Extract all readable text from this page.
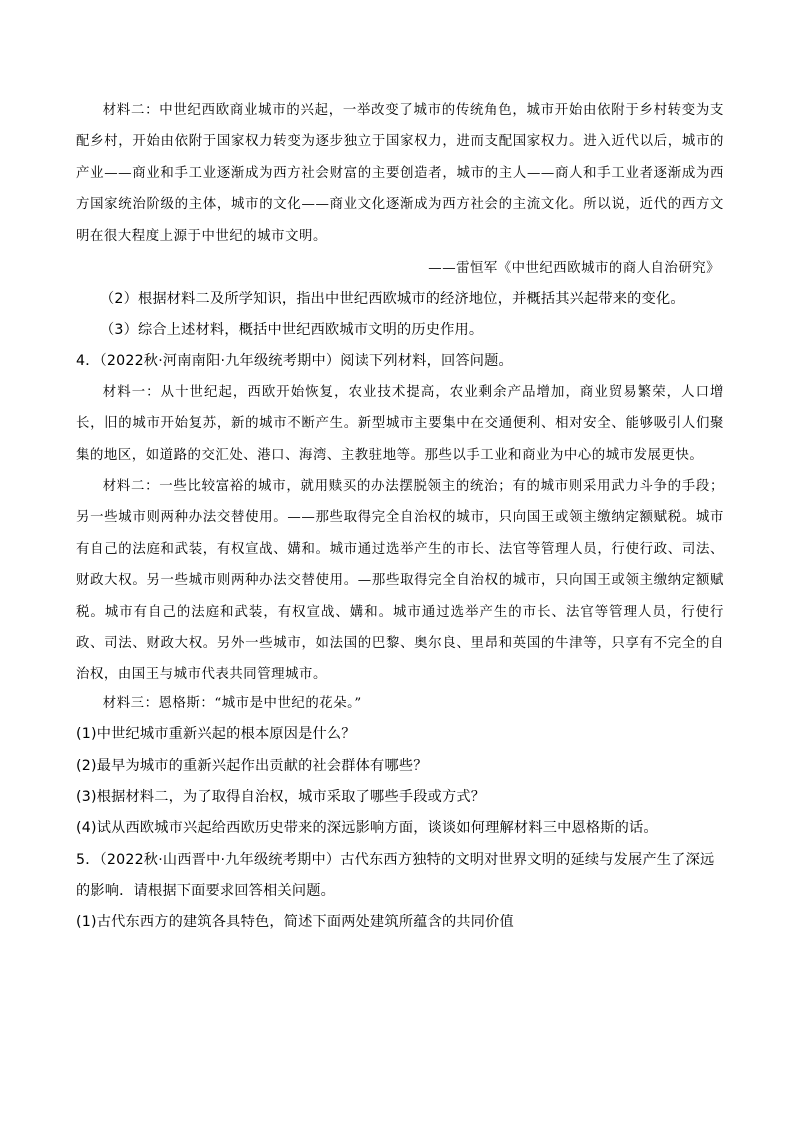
材料二：中世纪西欧商业城市的兴起，一举改变了城市的传统角色，城市开始由依附于乡村转变为支配乡村，开始由依附于国家权力转变为逐步独立于国家权力，进而支配国家权力。进入近代以后，城市的产业——商业和手工业逐渐成为西方社会财富的主要创造者，城市的主人——商人和手工业者逐渐成为西方国家统治阶级的主体，城市的文化——商业文化逐渐成为西方社会的主流文化。所以说，近代的西方文明在很大程度上源于中世纪的城市文明。

——雷恒军《中世纪西欧城市的商人自治研究》

（2）根据材料二及所学知识，指出中世纪西欧城市的经济地位，并概括其兴起带来的变化。

（3）综合上述材料，概括中世纪西欧城市文明的历史作用。

4．（2022秋·河南南阳·九年级统考期中）阅读下列材料，回答问题。

材料一：从十世纪起，西欧开始恢复，农业技术提高，农业剩余产品增加，商业贸易繁荣，人口增长，旧的城市开始复苏，新的城市不断产生。新型城市主要集中在交通便利、相对安全、能够吸引人们聚集的地区，如道路的交汇处、港口、海湾、主教驻地等。那些以手工业和商业为中心的城市发展更快。

材料二：一些比较富裕的城市，就用赎买的办法摆脱领主的统治；有的城市则采用武力斗争的手段；另一些城市则两种办法交替使用。——那些取得完全自治权的城市，只向国王或领主缴纳定额赋税。城市有自己的法庭和武装，有权宣战、媾和。城市通过选举产生的市长、法官等管理人员，行使行政、司法、财政大权。另一些城市则两种办法交替使用。—那些取得完全自治权的城市，只向国王或领主缴纳定额赋税。城市有自己的法庭和武装，有权宣战、媾和。城市通过选举产生的市长、法官等管理人员，行使行政、司法、财政大权。另外一些城市，如法国的巴黎、奥尔良、里昂和英国的牛津等，只享有不完全的自治权，由国王与城市代表共同管理城市。

材料三：恩格斯：“城市是中世纪的花朵。”

(1)中世纪城市重新兴起的根本原因是什么？

(2)最早为城市的重新兴起作出贡献的社会群体有哪些？

(3)根据材料二，为了取得自治权，城市采取了哪些手段或方式？

(4)试从西欧城市兴起给西欧历史带来的深远影响方面，谈谈如何理解材料三中恩格斯的话。

5．（2022秋·山西晋中·九年级统考期中）古代东西方独特的文明对世界文明的延续与发展产生了深远的影响．请根据下面要求回答相关问题。

(1)古代东西方的建筑各具特色，简述下面两处建筑所蕴含的共同价值
